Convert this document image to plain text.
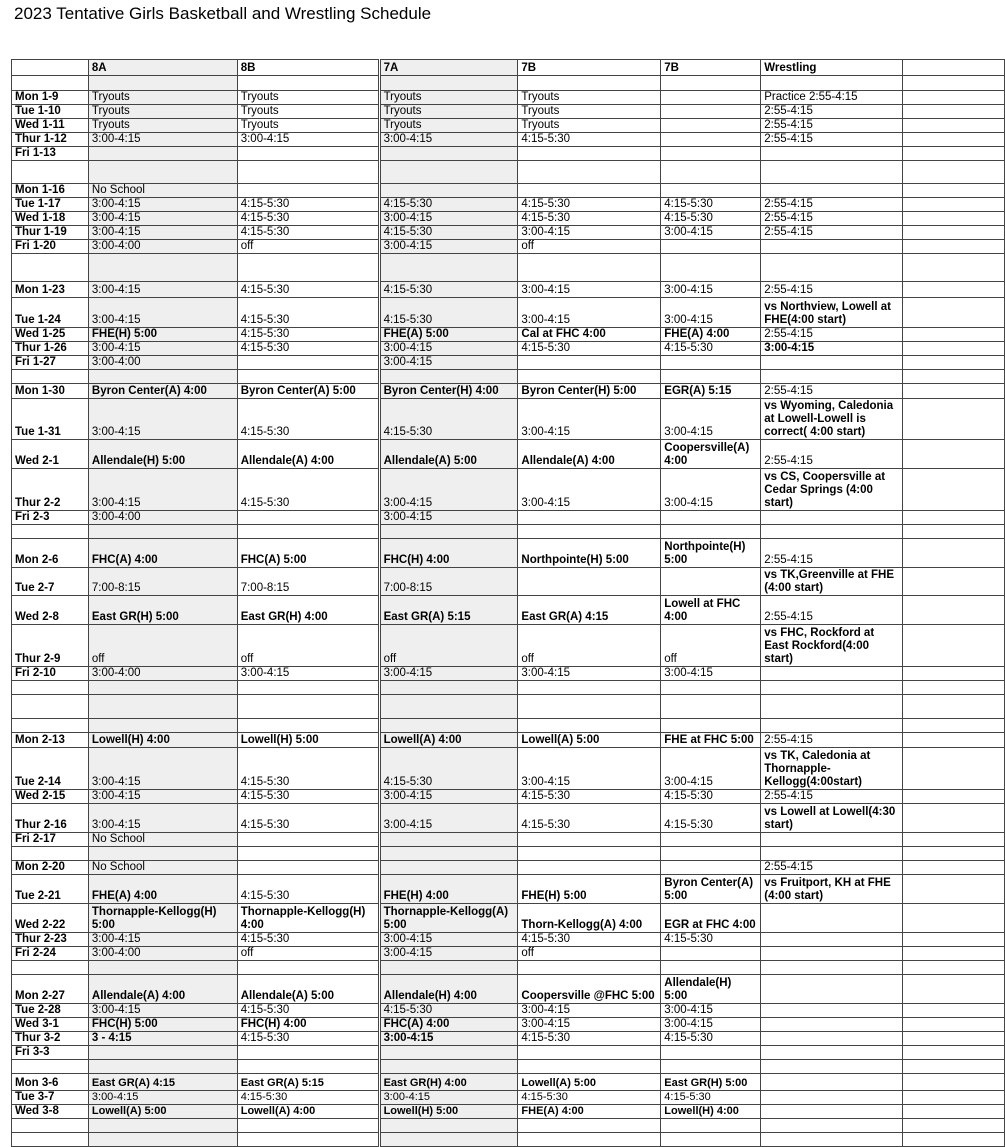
2023 Tentative Girls Basketball and Wrestling Schedule
	8A	8B	7A	7B	7B	Wrestling	

Mon 1-9	Tryouts	Tryouts	Tryouts	Tryouts		Practice 2:55-4:15	
Tue 1-10	Tryouts	Tryouts	Tryouts	Tryouts		2:55-4:15	
Wed 1-11	Tryouts	Tryouts	Tryouts	Tryouts		2:55-4:15	
Thur 1-12	3:00-4:15	3:00-4:15	3:00-4:15	4:15-5:30		2:55-4:15	
Fri 1-13							

Mon 1-16	No School						
Tue 1-17	3:00-4:15	4:15-5:30	4:15-5:30	4:15-5:30	4:15-5:30	2:55-4:15	
Wed 1-18	3:00-4:15	4:15-5:30	3:00-4:15	4:15-5:30	4:15-5:30	2:55-4:15	
Thur 1-19	3:00-4:15	4:15-5:30	4:15-5:30	3:00-4:15	3:00-4:15	2:55-4:15	
Fri 1-20	3:00-4:00	off	3:00-4:15	off			

Mon 1-23	3:00-4:15	4:15-5:30	4:15-5:30	3:00-4:15	3:00-4:15	2:55-4:15	
Tue 1-24	3:00-4:15	4:15-5:30	4:15-5:30	3:00-4:15	3:00-4:15	vs Northview, Lowell at FHE(4:00 start)	
Wed 1-25	FHE(H) 5:00	4:15-5:30	FHE(A) 5:00	Cal at FHC 4:00	FHE(A) 4:00	2:55-4:15	
Thur 1-26	3:00-4:15	4:15-5:30	3:00-4:15	4:15-5:30	4:15-5:30	3:00-4:15	
Fri 1-27	3:00-4:00		3:00-4:15				

Mon 1-30	Byron Center(A) 4:00	Byron Center(A) 5:00	Byron Center(H) 4:00	Byron Center(H) 5:00	EGR(A) 5:15	2:55-4:15	
Tue 1-31	3:00-4:15	4:15-5:30	4:15-5:30	3:00-4:15	3:00-4:15	vs Wyoming, Caledonia at Lowell-Lowell is correct( 4:00 start)	
Wed 2-1	Allendale(H) 5:00	Allendale(A) 4:00	Allendale(A) 5:00	Allendale(A) 4:00	Coopersville(A) 4:00	2:55-4:15	
Thur 2-2	3:00-4:15	4:15-5:30	3:00-4:15	3:00-4:15	3:00-4:15	vs CS, Coopersville at Cedar Springs (4:00 start)	
Fri 2-3	3:00-4:00		3:00-4:15				

Mon 2-6	FHC(A) 4:00	FHC(A) 5:00	FHC(H) 4:00	Northpointe(H) 5:00	Northpointe(H) 5:00	2:55-4:15	
Tue 2-7	7:00-8:15	7:00-8:15	7:00-8:15			vs TK,Greenville at FHE (4:00 start)	
Wed 2-8	East GR(H) 5:00	East GR(H) 4:00	East GR(A) 5:15	East GR(A) 4:15	Lowell at FHC 4:00	2:55-4:15	
Thur 2-9	off	off	off	off	off	vs FHC, Rockford at East Rockford(4:00 start)	
Fri 2-10	3:00-4:00	3:00-4:15	3:00-4:15	3:00-4:15	3:00-4:15		

Mon 2-13	Lowell(H) 4:00	Lowell(H) 5:00	Lowell(A) 4:00	Lowell(A) 5:00	FHE at FHC 5:00	2:55-4:15	
Tue 2-14	3:00-4:15	4:15-5:30	4:15-5:30	3:00-4:15	3:00-4:15	vs TK, Caledonia at Thornapple-Kellogg(4:00start)	
Wed 2-15	3:00-4:15	4:15-5:30	3:00-4:15	4:15-5:30	4:15-5:30	2:55-4:15	
Thur 2-16	3:00-4:15	4:15-5:30	3:00-4:15	4:15-5:30	4:15-5:30	vs Lowell at Lowell(4:30 start)	
Fri 2-17	No School						

Mon 2-20	No School					2:55-4:15	
Tue 2-21	FHE(A) 4:00	4:15-5:30	FHE(H) 4:00	FHE(H) 5:00	Byron Center(A) 5:00	vs Fruitport, KH at FHE (4:00 start)	
Wed 2-22	Thornapple-Kellogg(H) 5:00	Thornapple-Kellogg(H) 4:00	Thornapple-Kellogg(A) 5:00	Thorn-Kellogg(A) 4:00	EGR at FHC 4:00		
Thur 2-23	3:00-4:15	4:15-5:30	3:00-4:15	4:15-5:30	4:15-5:30		
Fri 2-24	3:00-4:00	off	3:00-4:15	off			

Mon 2-27	Allendale(A) 4:00	Allendale(A) 5:00	Allendale(H) 4:00	Coopersville @FHC 5:00	Allendale(H) 5:00		
Tue 2-28	3:00-4:15	4:15-5:30	4:15-5:30	3:00-4:15	3:00-4:15		
Wed 3-1	FHC(H) 5:00	FHC(H) 4:00	FHC(A) 4:00	3:00-4:15	3:00-4:15		
Thur 3-2	3 - 4:15	4:15-5:30	3:00-4:15	4:15-5:30	4:15-5:30		
Fri 3-3							

Mon 3-6	East GR(A) 4:15	East GR(A) 5:15	East GR(H) 4:00	Lowell(A) 5:00	East GR(H) 5:00		
Tue 3-7	3:00-4:15	4:15-5:30	3:00-4:15	4:15-5:30	4:15-5:30		
Wed 3-8	Lowell(A) 5:00	Lowell(A) 4:00	Lowell(H) 5:00	FHE(A) 4:00	Lowell(H) 4:00		
